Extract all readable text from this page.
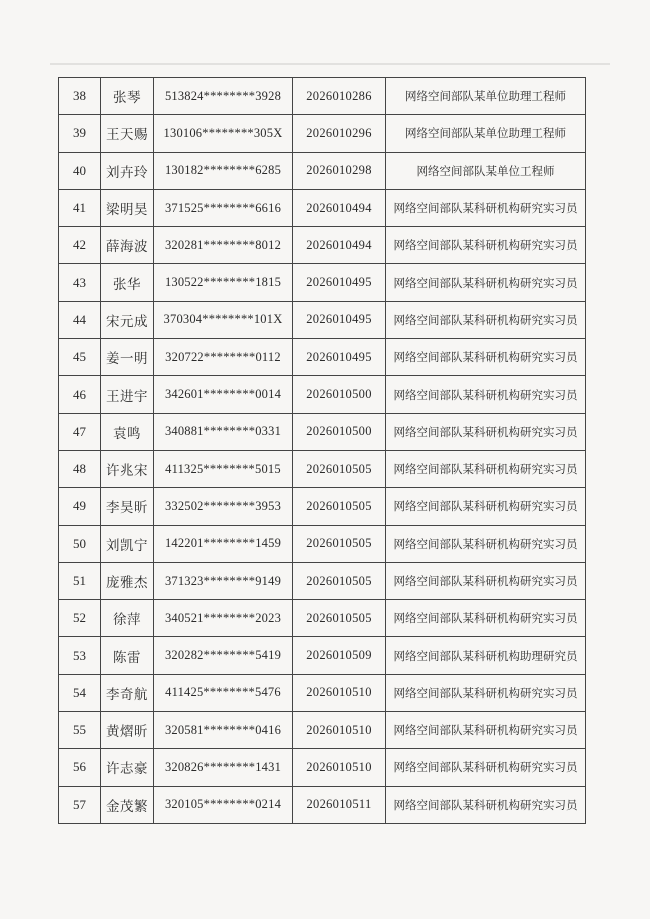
38	张琴	513824********3928	2026010286	网络空间部队某单位助理工程师
39	王天赐	130106********305X	2026010296	网络空间部队某单位助理工程师
40	刘卉玲	130182********6285	2026010298	网络空间部队某单位工程师
41	梁明昊	371525********6616	2026010494	网络空间部队某科研机构研究实习员
42	薛海波	320281********8012	2026010494	网络空间部队某科研机构研究实习员
43	张华	130522********1815	2026010495	网络空间部队某科研机构研究实习员
44	宋元成	370304********101X	2026010495	网络空间部队某科研机构研究实习员
45	姜一明	320722********0112	2026010495	网络空间部队某科研机构研究实习员
46	王进宇	342601********0014	2026010500	网络空间部队某科研机构研究实习员
47	袁鸣	340881********0331	2026010500	网络空间部队某科研机构研究实习员
48	许兆宋	411325********5015	2026010505	网络空间部队某科研机构研究实习员
49	李昊昕	332502********3953	2026010505	网络空间部队某科研机构研究实习员
50	刘凯宁	142201********1459	2026010505	网络空间部队某科研机构研究实习员
51	庞雅杰	371323********9149	2026010505	网络空间部队某科研机构研究实习员
52	徐萍	340521********2023	2026010505	网络空间部队某科研机构研究实习员
53	陈雷	320282********5419	2026010509	网络空间部队某科研机构助理研究员
54	李奇航	411425********5476	2026010510	网络空间部队某科研机构研究实习员
55	黄熠昕	320581********0416	2026010510	网络空间部队某科研机构研究实习员
56	许志豪	320826********1431	2026010510	网络空间部队某科研机构研究实习员
57	金茂繁	320105********0214	2026010511	网络空间部队某科研机构研究实习员
